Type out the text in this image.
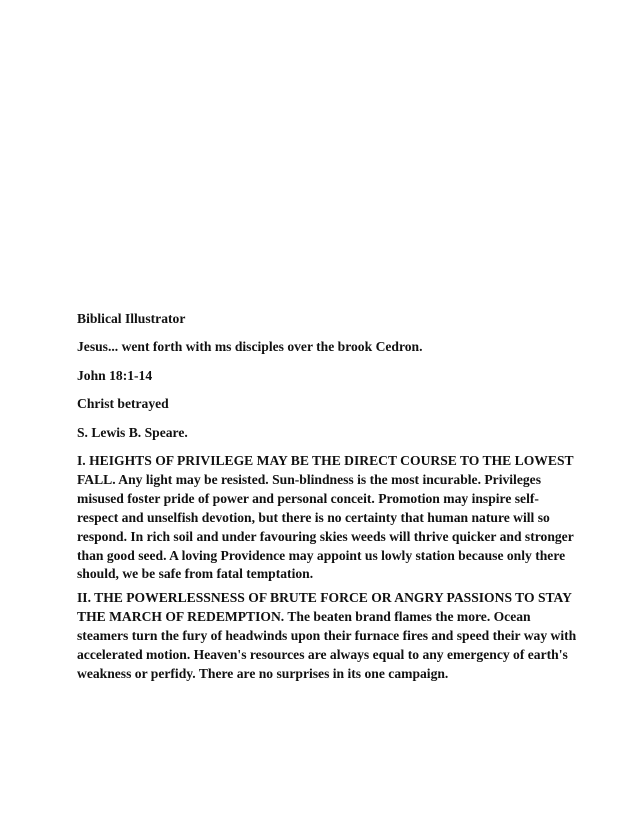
Biblical Illustrator

Jesus... went forth with ms disciples over the brook Cedron.

John 18:1-14

Christ betrayed

S. Lewis B. Speare.

I. HEIGHTS OF PRIVILEGE MAY BE THE DIRECT COURSE TO THE LOWEST FALL. Any light may be resisted. Sun-blindness is the most incurable. Privileges misused foster pride of power and personal conceit. Promotion may inspire self-respect and unselfish devotion, but there is no certainty that human nature will so respond. In rich soil and under favouring skies weeds will thrive quicker and stronger than good seed. A loving Providence may appoint us lowly station because only there should, we be safe from fatal temptation.

II. THE POWERLESSNESS OF BRUTE FORCE OR ANGRY PASSIONS TO STAY THE MARCH OF REDEMPTION. The beaten brand flames the more. Ocean steamers turn the fury of headwinds upon their furnace fires and speed their way with accelerated motion. Heaven's resources are always equal to any emergency of earth's weakness or perfidy. There are no surprises in its one campaign.
